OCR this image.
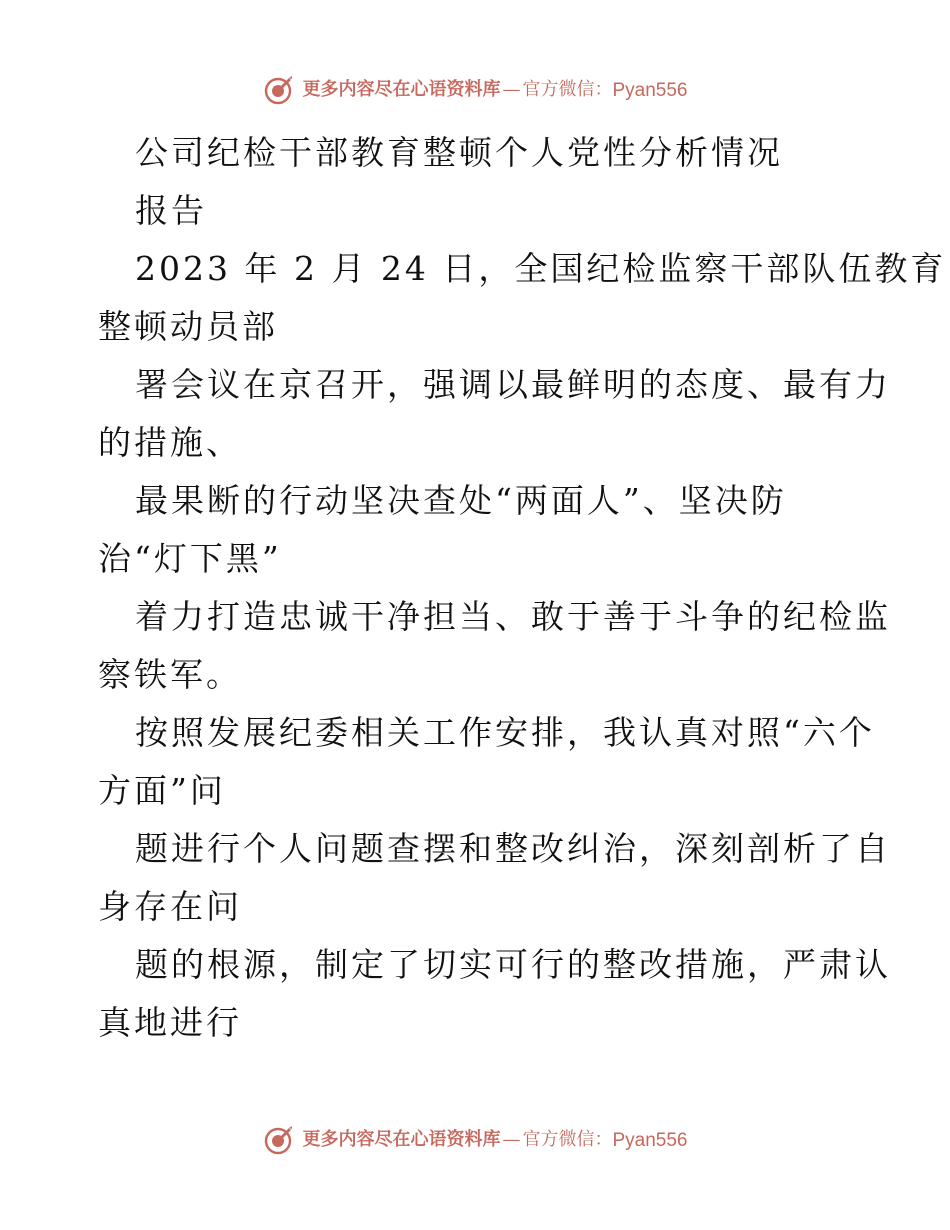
更多内容尽在心语资料库 — 官方微信： Pyan556
公司纪检干部教育整顿个人党性分析情况
报告
2023 年 2 月 24 日，全国纪检监察干部队伍教育
整顿动员部
署会议在京召开，强调以最鲜明的态度、最有力
的措施、
最果断的行动坚决查处“两面人”、坚决防
治“灯下黑”
着力打造忠诚干净担当、敢于善于斗争的纪检监
察铁军。
按照发展纪委相关工作安排，我认真对照“六个
方面”问
题进行个人问题查摆和整改纠治，深刻剖析了自
身存在问
题的根源，制定了切实可行的整改措施，严肃认
真地进行
更多内容尽在心语资料库 — 官方微信： Pyan556
